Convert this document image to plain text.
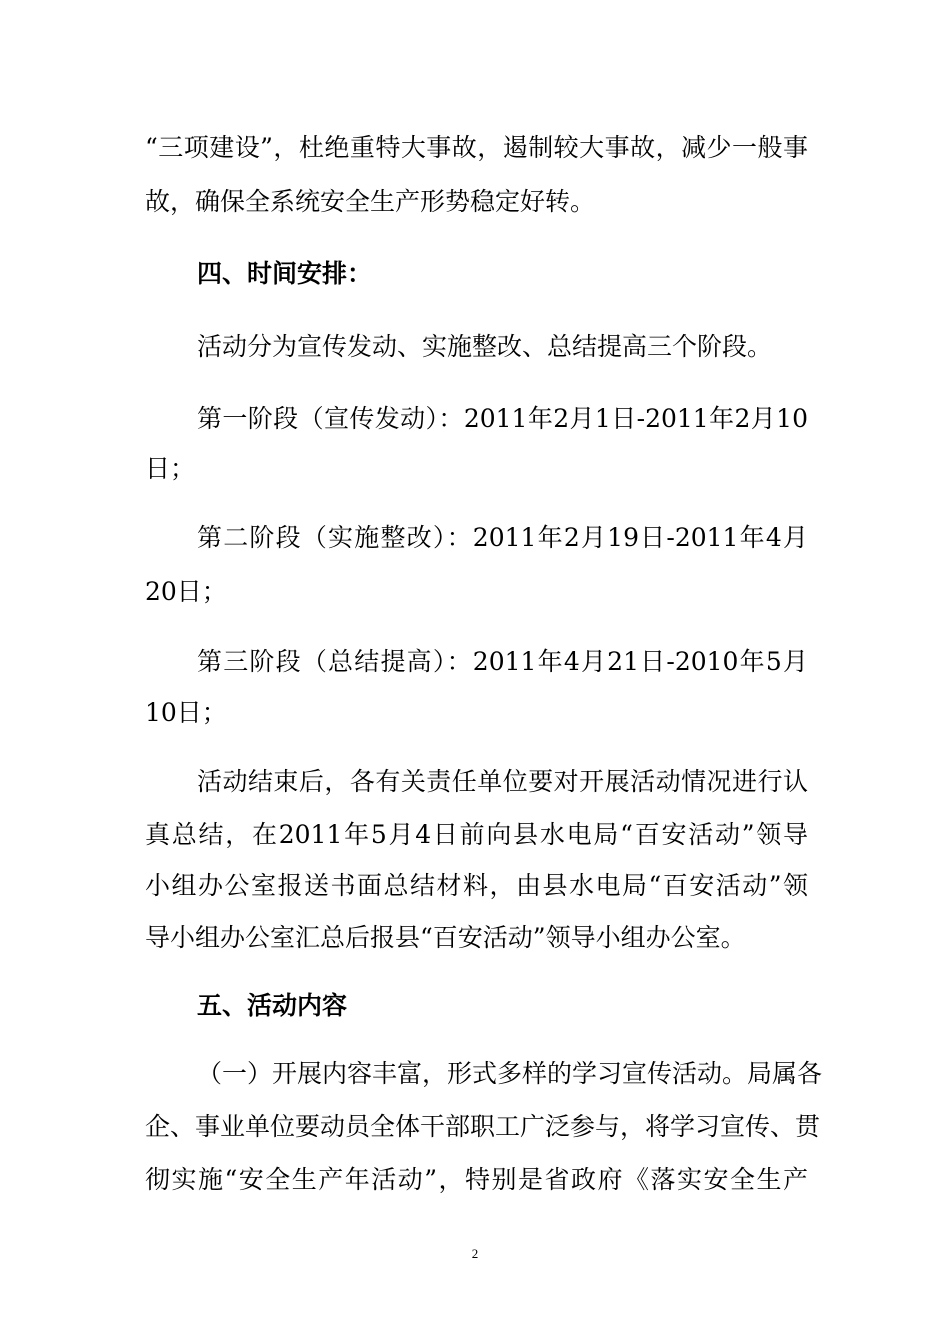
“三项建设”，杜绝重特大事故，遏制较大事故，减少一般事
故，确保全系统安全生产形势稳定好转。
四、时间安排：
活动分为宣传发动、实施整改、总结提高三个阶段。
第一阶段（宣传发动）：2011年2月1日-2011年2月10
日；
第二阶段（实施整改）：2011年2月19日-2011年4月
20日；
第三阶段（总结提高）：2011年4月21日-2010年5月
10日；
活动结束后，各有关责任单位要对开展活动情况进行认
真总结，在2011年5月4日前向县水电局“百安活动”领导
小组办公室报送书面总结材料，由县水电局“百安活动”领
导小组办公室汇总后报县“百安活动”领导小组办公室。
五、活动内容
（一）开展内容丰富，形式多样的学习宣传活动。局属各
企、事业单位要动员全体干部职工广泛参与，将学习宣传、贯
彻实施“安全生产年活动”，特别是省政府《落实安全生产
2
